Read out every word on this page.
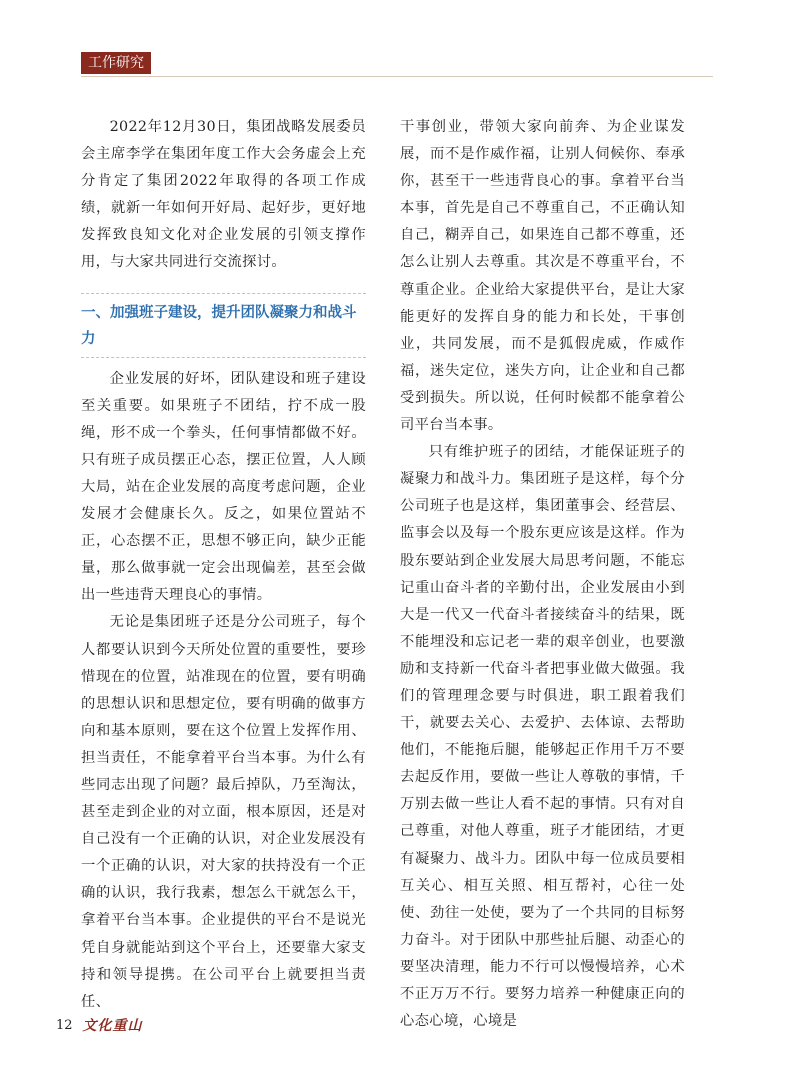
工作研究

2022年12月30日，集团战略发展委员会主席李学在集团年度工作大会务虚会上充分肯定了集团2022年取得的各项工作成绩，就新一年如何开好局、起好步，更好地发挥致良知文化对企业发展的引领支撑作用，与大家共同进行交流探讨。

一、加强班子建设，提升团队凝聚力和战斗力

企业发展的好坏，团队建设和班子建设至关重要。如果班子不团结，拧不成一股绳，形不成一个拳头，任何事情都做不好。只有班子成员摆正心态，摆正位置，人人顾大局，站在企业发展的高度考虑问题，企业发展才会健康长久。反之，如果位置站不正，心态摆不正，思想不够正向，缺少正能量，那么做事就一定会出现偏差，甚至会做出一些违背天理良心的事情。

无论是集团班子还是分公司班子，每个人都要认识到今天所处位置的重要性，要珍惜现在的位置，站准现在的位置，要有明确的思想认识和思想定位，要有明确的做事方向和基本原则，要在这个位置上发挥作用、担当责任，不能拿着平台当本事。为什么有些同志出现了问题？最后掉队，乃至淘汰，甚至走到企业的对立面，根本原因，还是对自己没有一个正确的认识，对企业发展没有一个正确的认识，对大家的扶持没有一个正确的认识，我行我素，想怎么干就怎么干，拿着平台当本事。企业提供的平台不是说光凭自身就能站到这个平台上，还要靠大家支持和领导提携。在公司平台上就要担当责任、

干事创业，带领大家向前奔、为企业谋发展，而不是作威作福，让别人伺候你、奉承你，甚至干一些违背良心的事。拿着平台当本事，首先是自己不尊重自己，不正确认知自己，糊弄自己，如果连自己都不尊重，还怎么让别人去尊重。其次是不尊重平台，不尊重企业。企业给大家提供平台，是让大家能更好的发挥自身的能力和长处，干事创业，共同发展，而不是狐假虎威，作威作福，迷失定位，迷失方向，让企业和自己都受到损失。所以说，任何时候都不能拿着公司平台当本事。

只有维护班子的团结，才能保证班子的凝聚力和战斗力。集团班子是这样，每个分公司班子也是这样，集团董事会、经营层、监事会以及每一个股东更应该是这样。作为股东要站到企业发展大局思考问题，不能忘记重山奋斗者的辛勤付出，企业发展由小到大是一代又一代奋斗者接续奋斗的结果，既不能埋没和忘记老一辈的艰辛创业，也要激励和支持新一代奋斗者把事业做大做强。我们的管理理念要与时俱进，职工跟着我们干，就要去关心、去爱护、去体谅、去帮助他们，不能拖后腿，能够起正作用千万不要去起反作用，要做一些让人尊敬的事情，千万别去做一些让人看不起的事情。只有对自己尊重，对他人尊重，班子才能团结，才更有凝聚力、战斗力。团队中每一位成员要相互关心、相互关照、相互帮衬，心往一处使、劲往一处使，要为了一个共同的目标努力奋斗。对于团队中那些扯后腿、动歪心的要坚决清理，能力不行可以慢慢培养，心术不正万万不行。要努力培养一种健康正向的心态心境，心境是

12 文化重山
